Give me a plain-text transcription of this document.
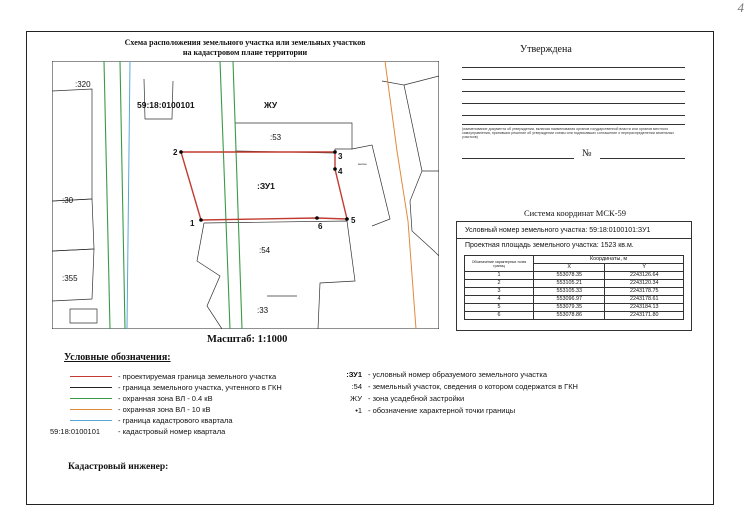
4
Схема расположения земельного участка или земельных участков
на кадастровом плане территории
1
2	3
4
5
6
59:18:0100101	ЖУ
:ЗУ1
:320
:30
:355
:53
:54
:33
жилое
Масштаб: 1:1000
Условные обозначения:
- проектируемая граница земельного участка
- граница земельного участка, учтенного в ГКН
- охранная зона ВЛ - 0.4 кВ
- охранная зона ВЛ - 10 кВ
- граница кадастрового квартала
59:18:0100101 - кадастровый номер квартала
:ЗУ1 - условный номер образуемого земельного участка
:54 - земельный участок, сведения о котором содержатся в ГКН
ЖУ - зона усадебной застройки
•1 - обозначение характерной точки границы
Кадастровый инженер:
Утверждена
(наименование документа об утверждении, включая наименования органов государственной власти или органов местного самоуправления, принявших решение об утверждении схемы или подписавших соглашение о перераспределении земельных участков)
№
Система координат МСК-59
Условный номер земельного участка: 59:18:0100101:ЗУ1
Проектная площадь земельного участка: 1523 кв.м.
Обозначение характерных точек границ	Координаты, м	
	X	Y
1	553078.35	2243126.64
2	553105.21	2243120.34
3	553105.33	2243178.75
4	553096.97	2243178.61
5	553079.35	2243184.13
6	553078.86	2243171.80
